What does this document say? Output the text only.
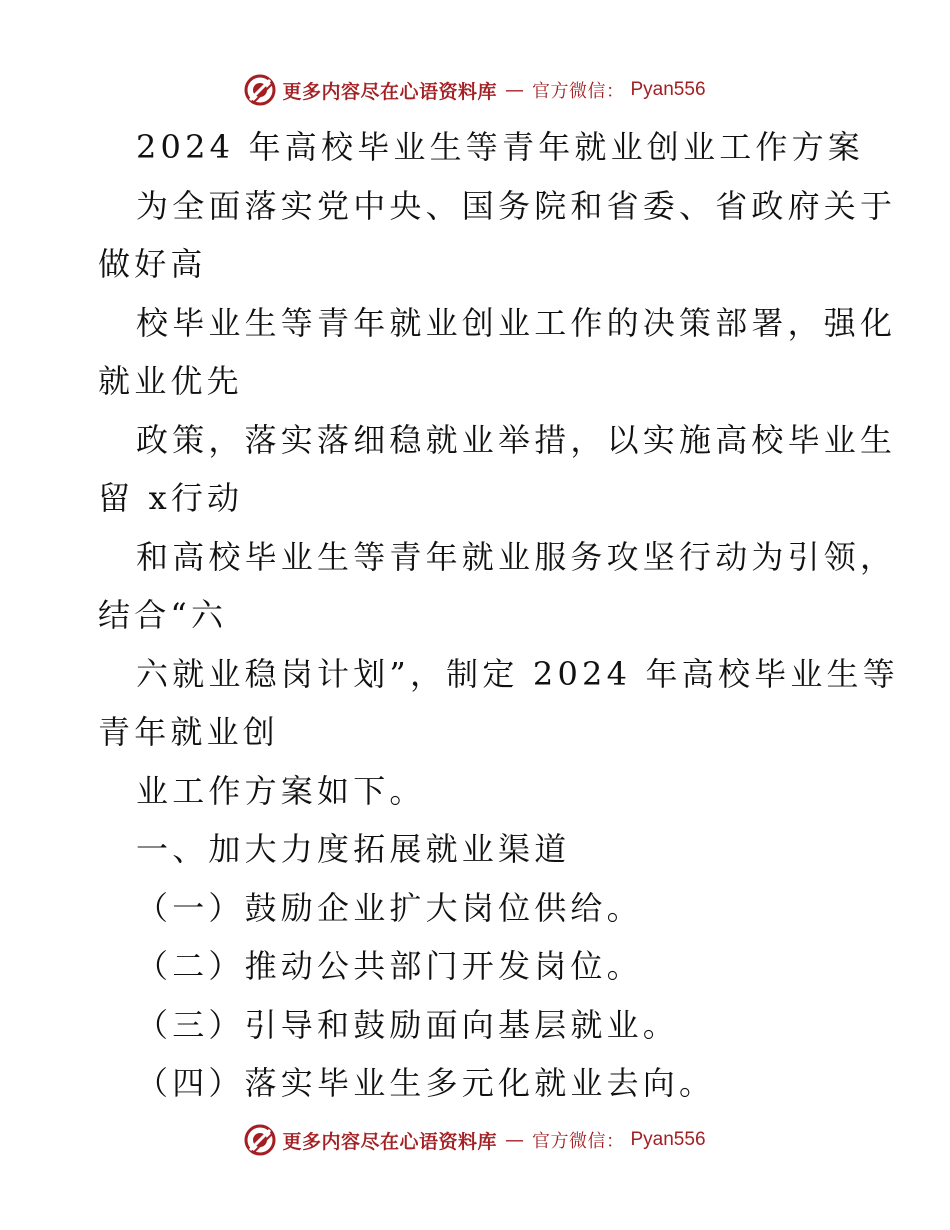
更多内容尽在心语资料库 — 官方微信： Pyan556
2024 年高校毕业生等青年就业创业工作方案
为全面落实党中央、国务院和省委、省政府关于
做好高
校毕业生等青年就业创业工作的决策部署，强化
就业优先
政策，落实落细稳就业举措，以实施高校毕业生
留 x行动
和高校毕业生等青年就业服务攻坚行动为引领，
结合“六
六就业稳岗计划”，制定 2024 年高校毕业生等
青年就业创
业工作方案如下。
一、加大力度拓展就业渠道
（一）鼓励企业扩大岗位供给。
（二）推动公共部门开发岗位。
（三）引导和鼓励面向基层就业。
（四）落实毕业生多元化就业去向。
更多内容尽在心语资料库 — 官方微信： Pyan556
